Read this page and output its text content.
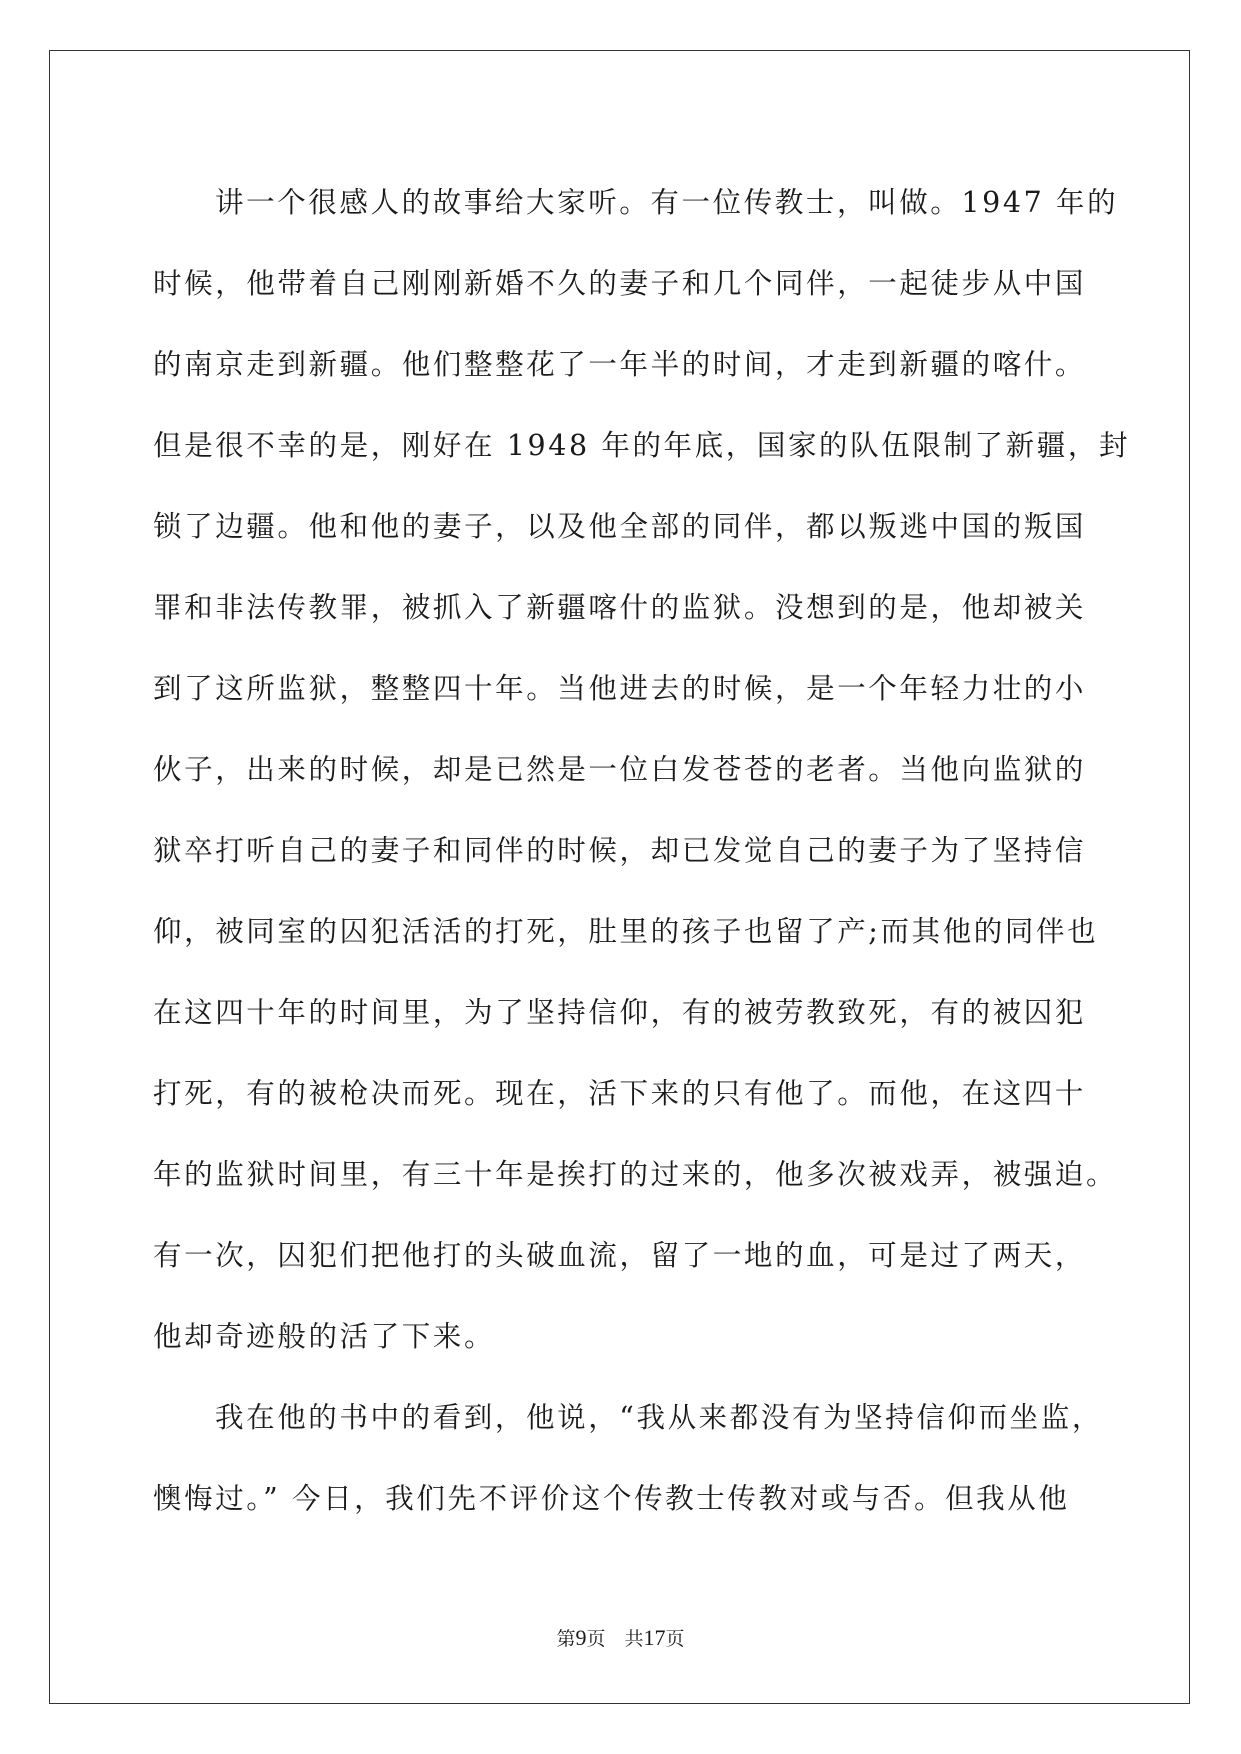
讲一个很感人的故事给大家听。有一位传教士，叫做。1947 年的
时候，他带着自己刚刚新婚不久的妻子和几个同伴，一起徒步从中国
的南京走到新疆。他们整整花了一年半的时间，才走到新疆的喀什。
但是很不幸的是，刚好在 1948 年的年底，国家的队伍限制了新疆，封
锁了边疆。他和他的妻子，以及他全部的同伴，都以叛逃中国的叛国
罪和非法传教罪，被抓入了新疆喀什的监狱。没想到的是，他却被关
到了这所监狱，整整四十年。当他进去的时候，是一个年轻力壮的小
伙子，出来的时候，却是已然是一位白发苍苍的老者。当他向监狱的
狱卒打听自己的妻子和同伴的时候，却已发觉自己的妻子为了坚持信
仰，被同室的囚犯活活的打死，肚里的孩子也留了产;而其他的同伴也
在这四十年的时间里，为了坚持信仰，有的被劳教致死，有的被囚犯
打死，有的被枪决而死。现在，活下来的只有他了。而他，在这四十
年的监狱时间里，有三十年是挨打的过来的，他多次被戏弄，被强迫。
有一次，囚犯们把他打的头破血流，留了一地的血，可是过了两天，
他却奇迹般的活了下来。
我在他的书中的看到，他说，“我从来都没有为坚持信仰而坐监，
懊悔过。” 今日，我们先不评价这个传教士传教对或与否。但我从他
第9页　共17页
